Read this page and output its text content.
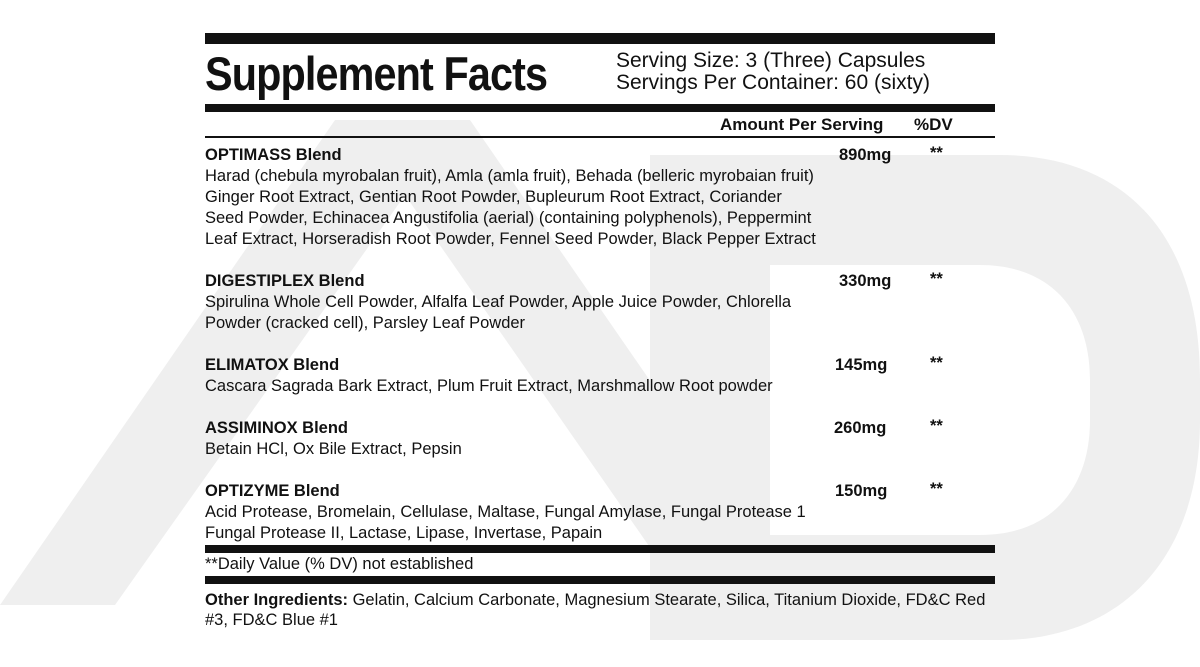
Supplement Facts	Serving Size: 3 (Three) Capsules
Servings Per Container: 60 (sixty)
Amount Per Serving %DV
OPTIMASS Blend	890mg **
Harad (chebula myrobalan fruit), Amla (amla fruit), Behada (belleric myrobaian fruit)
Ginger Root Extract, Gentian Root Powder, Bupleurum Root Extract, Coriander
Seed Powder, Echinacea Angustifolia (aerial) (containing polyphenols), Peppermint
Leaf Extract, Horseradish Root Powder, Fennel Seed Powder, Black Pepper Extract
DIGESTIPLEX Blend	330mg **
Spirulina Whole Cell Powder, Alfalfa Leaf Powder, Apple Juice Powder, Chlorella
Powder (cracked cell), Parsley Leaf Powder
ELIMATOX Blend	145mg	**
Cascara Sagrada Bark Extract, Plum Fruit Extract, Marshmallow Root powder
ASSIMINOX Blend	260mg	**
Betain HCl, Ox Bile Extract, Pepsin
OPTIZYME Blend	150mg	**
Acid Protease, Bromelain, Cellulase, Maltase, Fungal Amylase, Fungal Protease 1
Fungal Protease II, Lactase, Lipase, Invertase, Papain
**Daily Value (% DV) not established
Other Ingredients: Gelatin, Calcium Carbonate, Magnesium Stearate, Silica, Titanium Dioxide, FD&C Red #3, FD&C Blue #1
